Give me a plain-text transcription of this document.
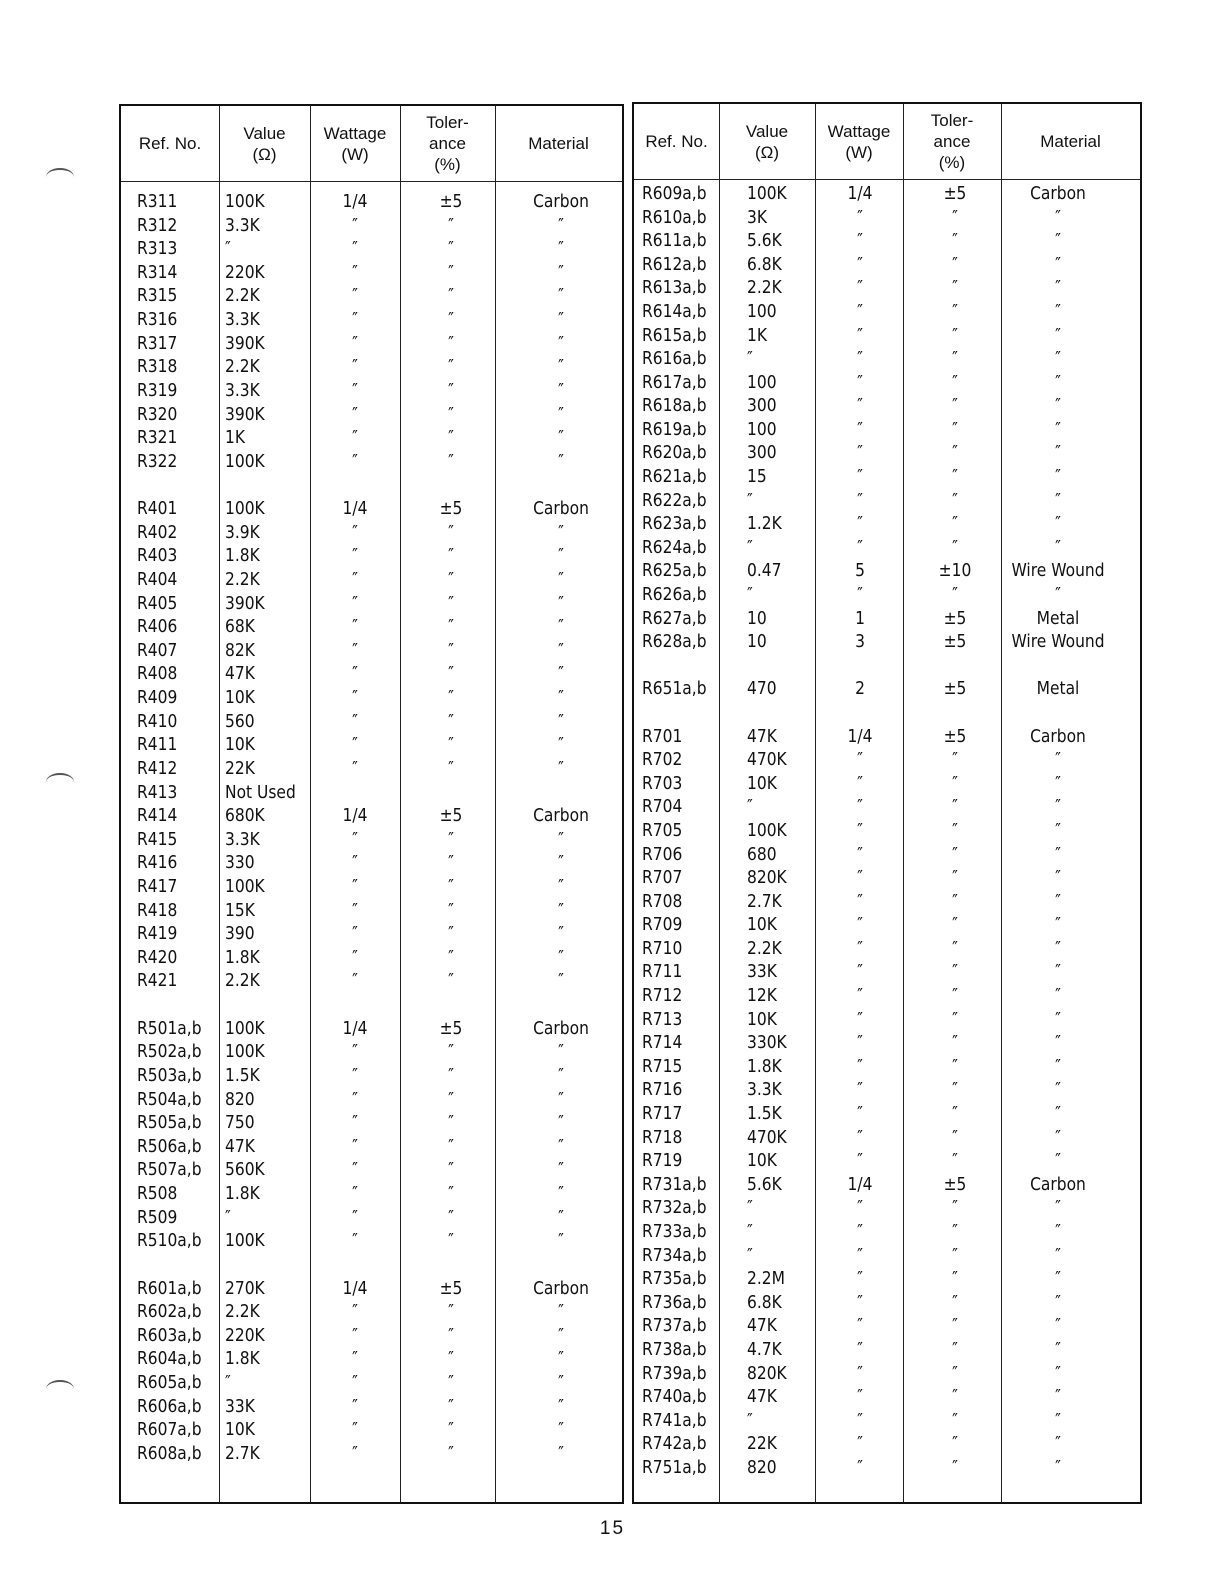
Ref. No.
Value
(Ω)
Wattage
(W)
Toler-
ance
(%)
Material
R311	100K	1/4	±5	Carbon
R312	3.3K	″	″	″
R313	″	″	″	″
R314	220K	″	″	″
R315	2.2K	″	″	″
R316	3.3K	″	″	″
R317	390K	″	″	″
R318	2.2K	″	″	″
R319	3.3K	″	″	″
R320	390K	″	″	″
R321	1K	″	″	″
R322	100K	″	″	″
R401	100K	1/4	±5	Carbon
R402	3.9K	″	″	″
R403	1.8K	″	″	″
R404	2.2K	″	″	″
R405	390K	″	″	″
R406	68K	″	″	″
R407	82K	″	″	″
R408	47K	″	″	″
R409	10K	″	″	″
R410	560	″	″	″
R411	10K	″	″	″
R412	22K	″	″	″
R413	Not Used
R414	680K	1/4	±5	Carbon
R415	3.3K	″	″	″
R416	330	″	″	″
R417	100K	″	″	″
R418	15K	″	″	″
R419	390	″	″	″
R420	1.8K	″	″	″
R421	2.2K	″	″	″
R501a,b 100K	1/4	±5	Carbon
R502a,b 100K	″	″	″
R503a,b 1.5K	″	″	″
R504a,b 820	″	″	″
R505a,b 750	″	″	″
R506a,b 47K	″	″	″
R507a,b 560K	″	″	″
R508	1.8K	″	″	″
R509	″	″	″	″
R510a,b 100K	″	″	″
R601a,b 270K	1/4	±5	Carbon
R602a,b 2.2K	″	″	″
R603a,b 220K	″	″	″
R604a,b 1.8K	″	″	″
R605a,b ″	″	″	″
R606a,b 33K	″	″	″
R607a,b 10K	″	″	″
R608a,b 2.7K	″	″	″
Ref. No.
Value
(Ω)
Wattage
(W)
Toler-
ance
(%)
Material
R609a,b 100K	1/4	±5	Carbon
R610a,b 3K	″	″	″
R611a,b 5.6K	″	″	″
R612a,b 6.8K	″	″	″
R613a,b 2.2K	″	″	″
R614a,b 100	″	″	″
R615a,b 1K	″	″	″
R616a,b ″	″	″	″
R617a,b 100	″	″	″
R618a,b 300	″	″	″
R619a,b 100	″	″	″
R620a,b 300	″	″	″
R621a,b 15	″	″	″
R622a,b ″	″	″	″
R623a,b 1.2K	″	″	″
R624a,b ″	″	″	″
R625a,b 0.47	5	±10 Wire Wound
R626a,b ″	″	″	″
R627a,b 10	1	±5	Metal
R628a,b 10	3	±5	Wire Wound
R651a,b 470	2	±5	Metal
R701	47K	1/4	±5	Carbon
R702	470K	″	″	″
R703	10K	″	″	″
R704	″	″	″	″
R705	100K	″	″	″
R706	680	″	″	″
R707	820K	″	″	″
R708	2.7K	″	″	″
R709	10K	″	″	″
R710	2.2K	″	″	″
R711	33K	″	″	″
R712	12K	″	″	″
R713	10K	″	″	″
R714	330K	″	″	″
R715	1.8K	″	″	″
R716	3.3K	″	″	″
R717	1.5K	″	″	″
R718	470K	″	″	″
R719	10K	″	″	″
R731a,b 5.6K	1/4	±5	Carbon
R732a,b ″	″	″	″
R733a,b ″	″	″	″
R734a,b ″	″	″	″
R735a,b 2.2M	″	″	″
R736a,b 6.8K	″	″	″
R737a,b 47K	″	″	″
R738a,b 4.7K	″	″	″
R739a,b 820K	″	″	″
R740a,b 47K	″	″	″
R741a,b ″	″	″	″
R742a,b 22K	″	″	″
R751a,b 820	″	″	″
15
